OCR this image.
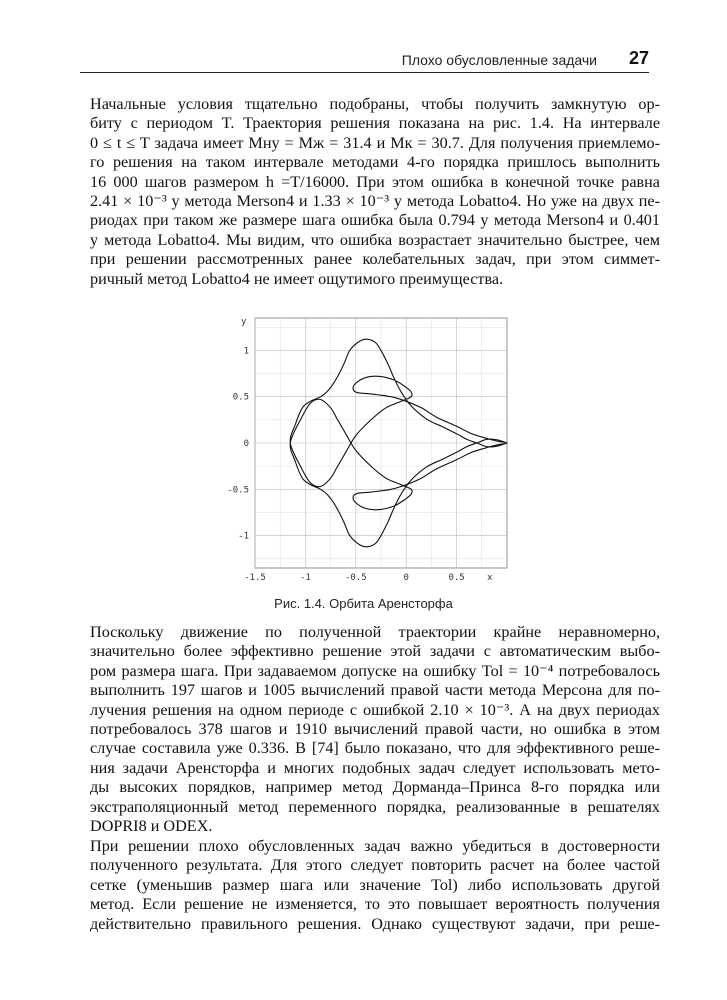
Плохо обусловленные задачи 27
Начальные условия тщательно подобраны, чтобы получить замкнутую ор-
биту с периодом T. Траектория решения показана на рис. 1.4. На интервале
0 ≤ t ≤ T задача имеет Mну = Mж = 31.4 и Mк = 30.7. Для получения приемлемо-
го решения на таком интервале методами 4-го порядка пришлось выполнить
16 000 шагов размером h =T/16000. При этом ошибка в конечной точке равна
2.41 × 10⁻³ у метода Merson4 и 1.33 × 10⁻³ у метода Lobatto4. Но уже на двух пе-
риодах при таком же размере шага ошибка была 0.794 у метода Merson4 и 0.401
у метода Lobatto4. Мы видим, что ошибка возрастает значительно быстрее, чем
при решении рассмотренных ранее колебательных задач, при этом симмет-
ричный метод Lobatto4 не имеет ощутимого преимущества.
-1.5	-1	-0.5	0	0.5
1
0.5
0
-0.5
-1
y
x
Рис. 1.4. Орбита Аренсторфа
Поскольку движение по полученной траектории крайне неравномерно,
значительно более эффективно решение этой задачи с автоматическим выбо-
ром размера шага. При задаваемом допуске на ошибку Tol = 10⁻⁴ потребовалось
выполнить 197 шагов и 1005 вычислений правой части метода Мерсона для по-
лучения решения на одном периоде с ошибкой 2.10 × 10⁻³. А на двух периодах
потребовалось 378 шагов и 1910 вычислений правой части, но ошибка в этом
случае составила уже 0.336. В [74] было показано, что для эффективного реше-
ния задачи Аренсторфа и многих подобных задач следует использовать мето-
ды высоких порядков, например метод Дорманда–Принса 8-го порядка или
экстраполяционный метод переменного порядка, реализованные в решателях
DOPRI8 и ODEX.
При решении плохо обусловленных задач важно убедиться в достоверности
полученного результата. Для этого следует повторить расчет на более частой
сетке (уменьшив размер шага или значение Tol) либо использовать другой
метод. Если решение не изменяется, то это повышает вероятность получения
действительно правильного решения. Однако существуют задачи, при реше-
